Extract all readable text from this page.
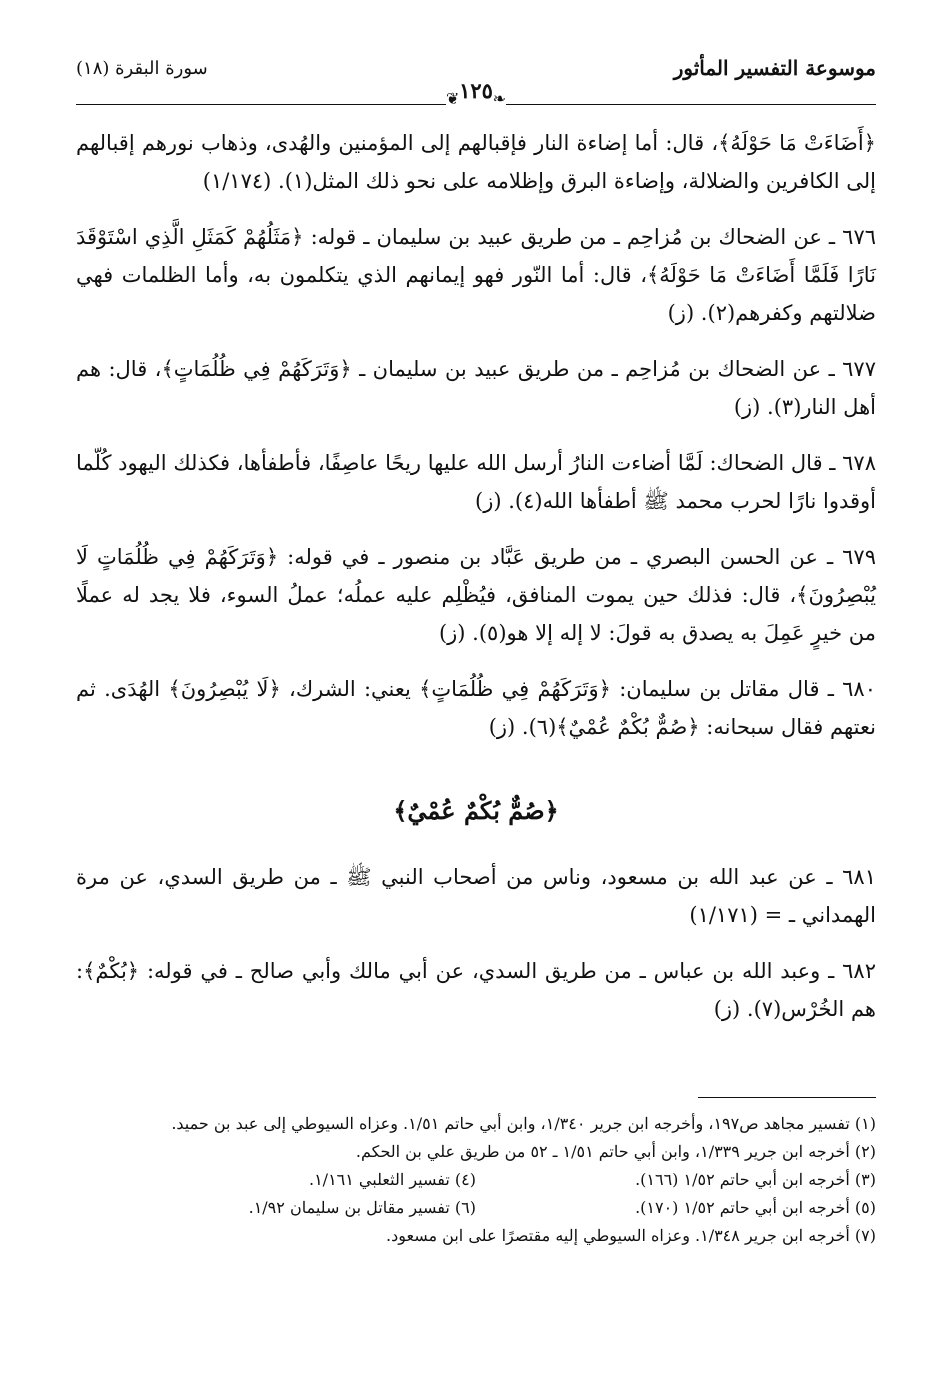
موسوعة التفسير المأثور
سورة البقرة (١٨)
❦ ❧
١٢٥

﴿أَضَاءَتْ مَا حَوْلَهُ﴾، قال: أما إضاءة النار فإقبالهم إلى المؤمنين والهُدى، وذهاب نورهم إقبالهم إلى الكافرين والضلالة، وإضاءة البرق وإظلامه على نحو ذلك المثل(١). (١/١٧٤)

٦٧٦ ـ عن الضحاك بن مُزاحِم ـ من طريق عبيد بن سليمان ـ قوله: ﴿مَثَلُهُمْ كَمَثَلِ الَّذِي اسْتَوْقَدَ نَارًا فَلَمَّا أَضَاءَتْ مَا حَوْلَهُ﴾، قال: أما النّور فهو إيمانهم الذي يتكلمون به، وأما الظلمات فهي ضلالتهم وكفرهم(٢). (ز)

٦٧٧ ـ عن الضحاك بن مُزاحِم ـ من طريق عبيد بن سليمان ـ ﴿وَتَرَكَهُمْ فِي ظُلُمَاتٍ﴾، قال: هم أهل النار(٣). (ز)

٦٧٨ ـ قال الضحاك: لَمَّا أضاءت النارُ أرسل الله عليها ريحًا عاصِفًا، فأطفأها، فكذلك اليهود كُلّما أوقدوا نارًا لحرب محمد ﷺ أطفأها الله(٤). (ز)

٦٧٩ ـ عن الحسن البصري ـ من طريق عَبَّاد بن منصور ـ في قوله: ﴿وَتَرَكَهُمْ فِي ظُلُمَاتٍ لَا يُبْصِرُونَ﴾، قال: فذلك حين يموت المنافق، فيُظْلِم عليه عملُه؛ عملُ السوء، فلا يجد له عملًا من خيرٍ عَمِلَ به يصدق به قولَ: لا إله إلا هو(٥). (ز)

٦٨٠ ـ قال مقاتل بن سليمان: ﴿وَتَرَكَهُمْ فِي ظُلُمَاتٍ﴾ يعني: الشرك، ﴿لَا يُبْصِرُونَ﴾ الهُدَى. ثم نعتهم فقال سبحانه: ﴿صُمٌّ بُكْمٌ عُمْيٌ﴾(٦). (ز)

﴿صُمٌّ بُكْمٌ عُمْيٌ﴾

٦٨١ ـ عن عبد الله بن مسعود، وناس من أصحاب النبي ﷺ ـ من طريق السدي، عن مرة الهمداني ـ = (١/١٧١)

٦٨٢ ـ وعبد الله بن عباس ـ من طريق السدي، عن أبي مالك وأبي صالح ـ في قوله: ﴿بُكْمٌ﴾: هم الخُرْس(٧). (ز)

(١) تفسير مجاهد ص١٩٧، وأخرجه ابن جرير ١/٣٤٠، وابن أبي حاتم ١/٥١. وعزاه السيوطي إلى عبد بن حميد.

(٢) أخرجه ابن جرير ١/٣٣٩، وابن أبي حاتم ١/٥١ ـ ٥٢ من طريق علي بن الحكم.

(٣) أخرجه ابن أبي حاتم ١/٥٢ (١٦٦).

(٤) تفسير الثعلبي ١/١٦١.

(٥) أخرجه ابن أبي حاتم ١/٥٢ (١٧٠).

(٦) تفسير مقاتل بن سليمان ١/٩٢.

(٧) أخرجه ابن جرير ١/٣٤٨. وعزاه السيوطي إليه مقتصرًا على ابن مسعود.
